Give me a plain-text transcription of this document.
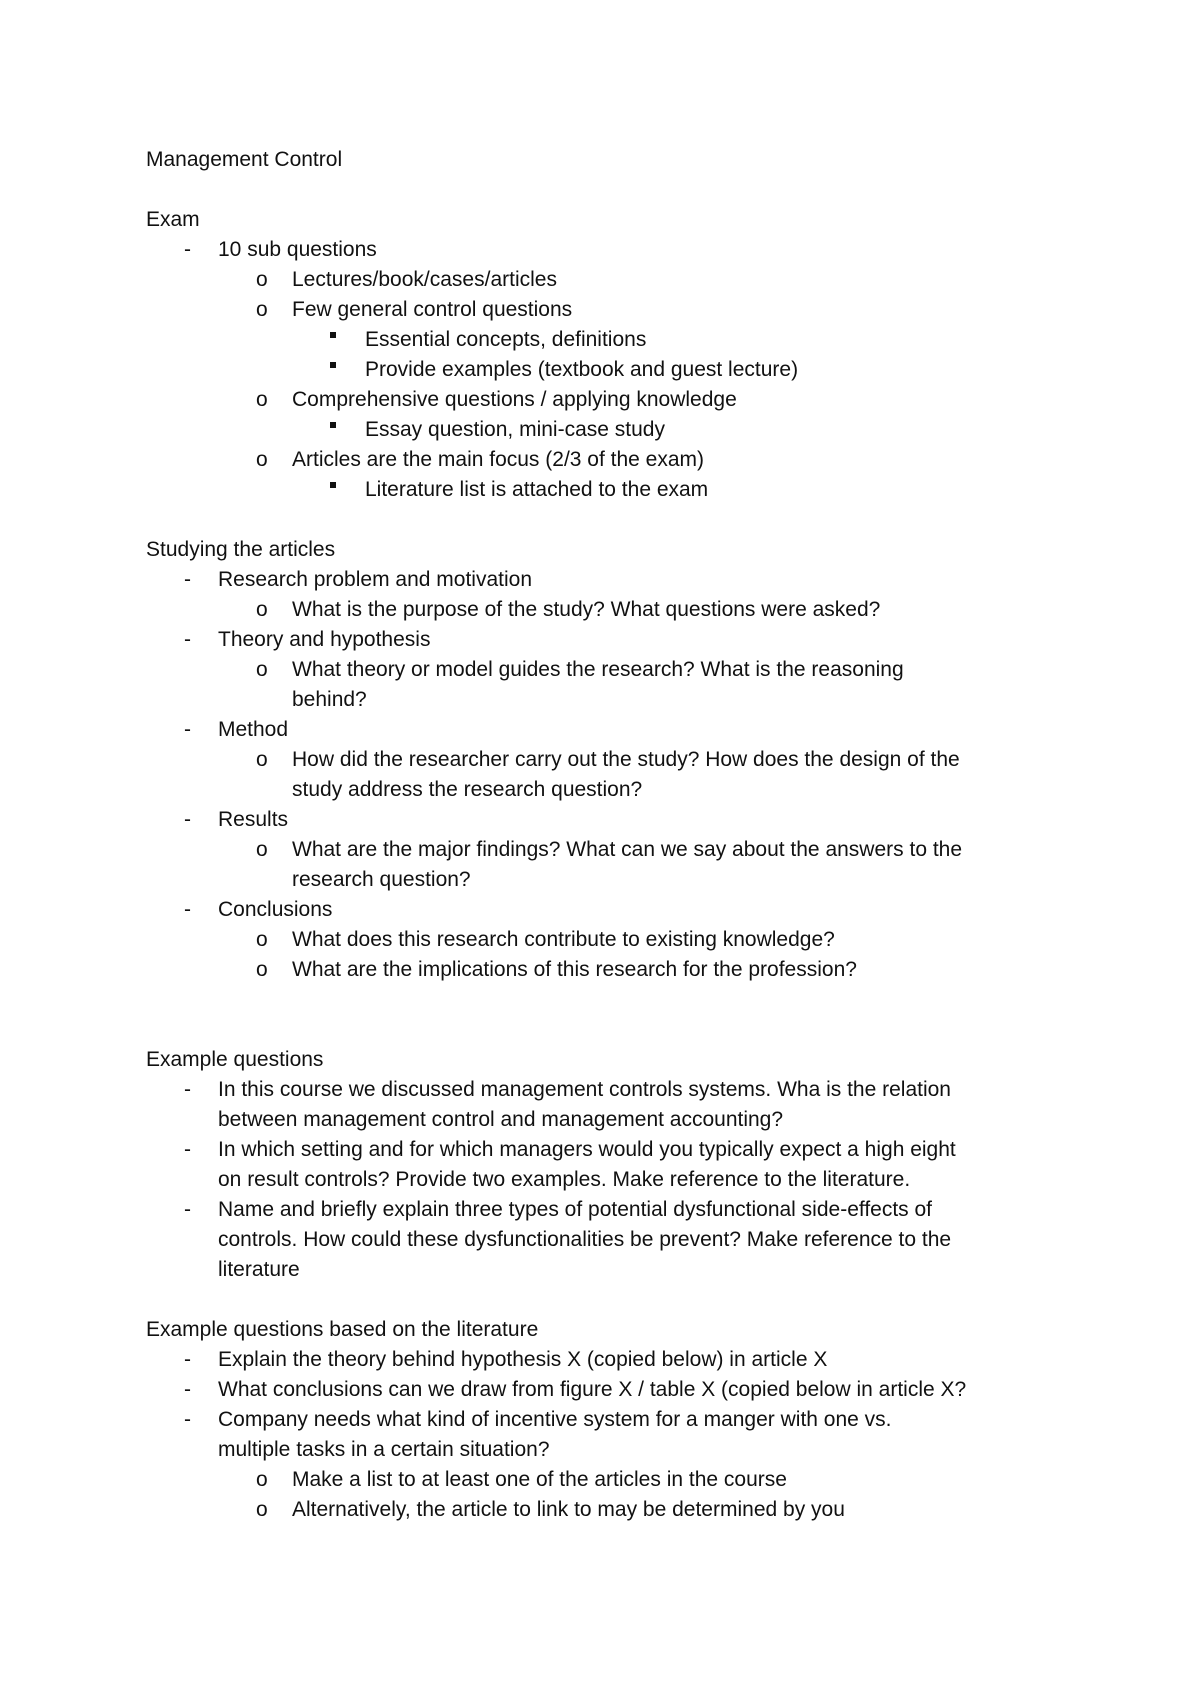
Management Control
Exam
- 10 sub questions
o Lectures/book/cases/articles
o Few general control questions
Essential concepts, definitions
Provide examples (textbook and guest lecture)
o Comprehensive questions / applying knowledge
Essay question, mini-case study
o Articles are the main focus (2/3 of the exam)
Literature list is attached to the exam
Studying the articles
- Research problem and motivation
o What is the purpose of the study? What questions were asked?
- Theory and hypothesis
o What theory or model guides the research? What is the reasoning
behind?
- Method
o How did the researcher carry out the study? How does the design of the
study address the research question?
- Results
o What are the major findings? What can we say about the answers to the
research question?
- Conclusions
o What does this research contribute to existing knowledge?
o What are the implications of this research for the profession?
Example questions
- In this course we discussed management controls systems. Wha is the relation
between management control and management accounting?
- In which setting and for which managers would you typically expect a high eight
on result controls? Provide two examples. Make reference to the literature.
- Name and briefly explain three types of potential dysfunctional side-effects of
controls. How could these dysfunctionalities be prevent? Make reference to the
literature
Example questions based on the literature
- Explain the theory behind hypothesis X (copied below) in article X
- What conclusions can we draw from figure X / table X (copied below in article X?
- Company needs what kind of incentive system for a manger with one vs.
multiple tasks in a certain situation?
o Make a list to at least one of the articles in the course
o Alternatively, the article to link to may be determined by you
